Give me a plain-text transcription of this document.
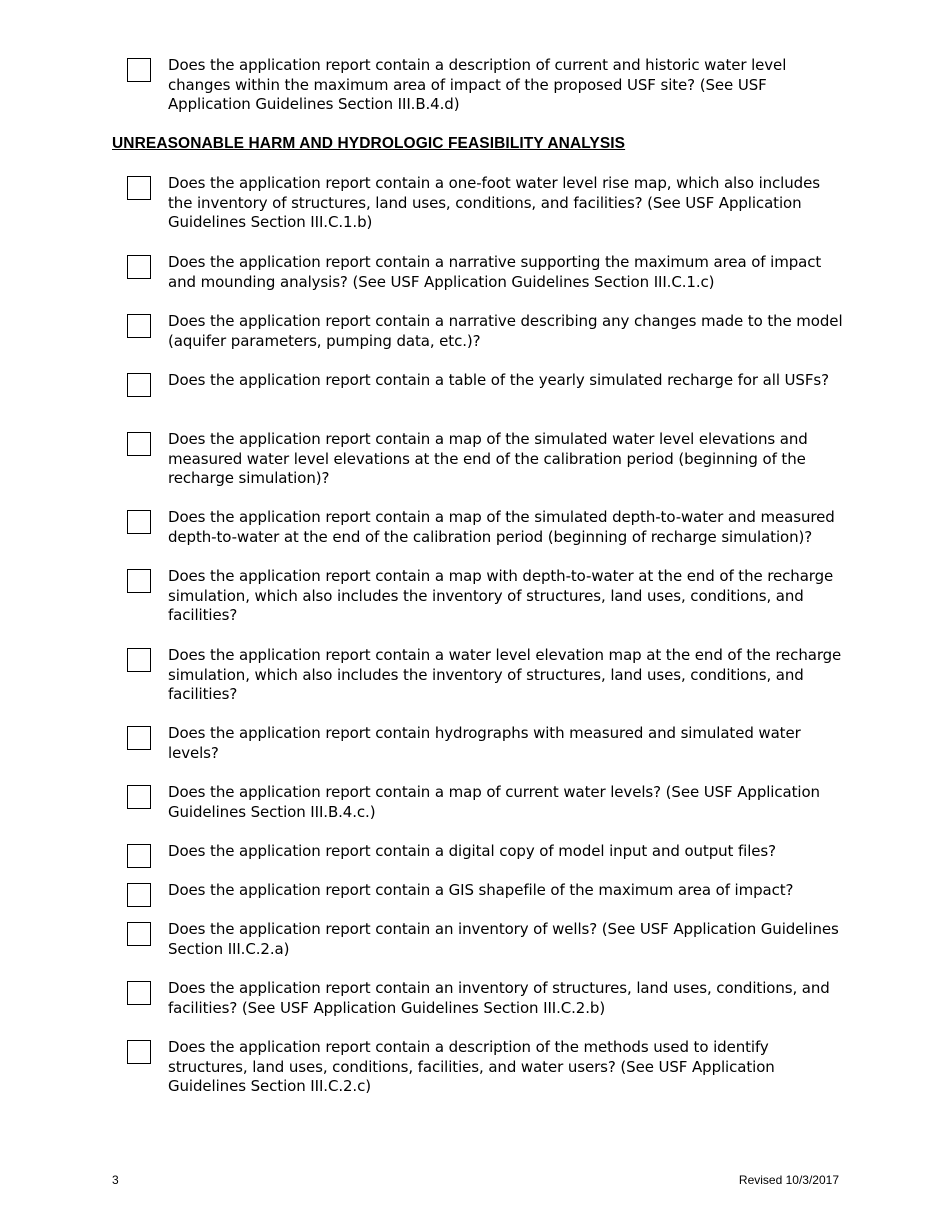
Does the application report contain a description of current and historic water level changes within the maximum area of impact of the proposed USF site? (See USF Application Guidelines Section III.B.4.d)
UNREASONABLE HARM AND HYDROLOGIC FEASIBILITY ANALYSIS
Does the application report contain a one-foot water level rise map, which also includes the inventory of structures, land uses, conditions, and facilities? (See USF Application Guidelines Section III.C.1.b)
Does the application report contain a narrative supporting the maximum area of impact and mounding analysis? (See USF Application Guidelines Section III.C.1.c)
Does the application report contain a narrative describing any changes made to the model (aquifer parameters, pumping data, etc.)?
Does the application report contain a table of the yearly simulated recharge for all USFs?
Does the application report contain a map of the simulated water level elevations and measured water level elevations at the end of the calibration period (beginning of the recharge simulation)?
Does the application report contain a map of the simulated depth-to-water and measured depth-to-water at the end of the calibration period (beginning of recharge simulation)?
Does the application report contain a map with depth-to-water at the end of the recharge simulation, which also includes the inventory of structures, land uses, conditions, and facilities?
Does the application report contain a water level elevation map at the end of the recharge simulation, which also includes the inventory of structures, land uses, conditions, and facilities?
Does the application report contain hydrographs with measured and simulated water levels?
Does the application report contain a map of current water levels? (See USF Application Guidelines Section III.B.4.c.)
Does the application report contain a digital copy of model input and output files?
Does the application report contain a GIS shapefile of the maximum area of impact?
Does the application report contain an inventory of wells? (See USF Application Guidelines Section III.C.2.a)
Does the application report contain an inventory of structures, land uses, conditions, and facilities? (See USF Application Guidelines Section III.C.2.b)
Does the application report contain a description of the methods used to identify structures, land uses, conditions, facilities, and water users? (See USF Application Guidelines Section III.C.2.c)
3	Revised 10/3/2017
